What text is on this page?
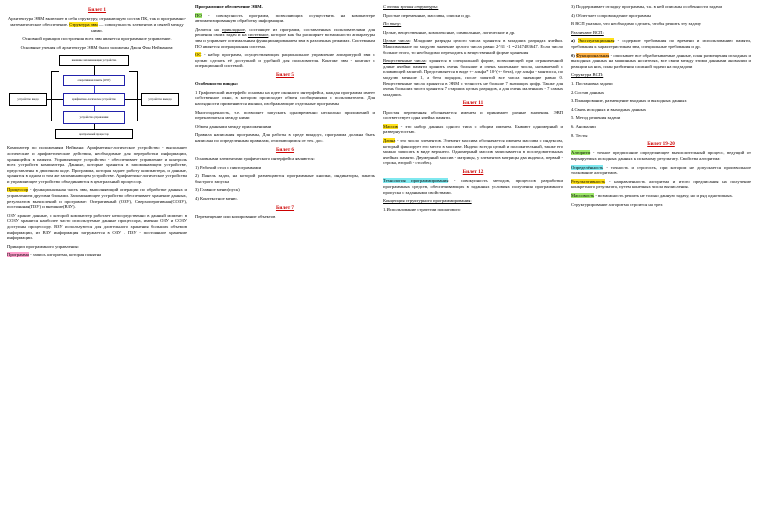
Билет 1

Архитектура ЭВМ включает в себя структуру, отражающую состав ПК, так и программно-математическое обеспечение. Структура эвм — совокупность элементов и связей между ними.

Основной принцип построения всех эвм является программное управление.

Основные учения об архитектуре ЭВМ были заложены Джон Фон Нейманом:

внешние запоминающие устройства
устройство ввода	устройство вывода
оперативная память (ОЗУ)
арифметико-логическое устройство
устройство управления
центральный процессор

Компьютер по положениям Неймана: Арифметико-логическое устройство - выполняет логические и арифметические действия, необходимые для переработки информации, хранящейся в памяти. Управляющее устройство - обеспечивает управление и контроль всех устройств компьютера. Данные, которые хранятся в запоминающем устройстве, представлены в двоичном коде. Программа, которая задает работу компьютера, и данные, хранятся в одном и том же запоминающем устройстве. Арифметико-логическое устройства и управляющее устройство объединяются в центральный процессор.

Процессор - функциональная часть эвм, выполняющий операции по обработке данных и управлением другими блоками. Запоминающее устройство обеспечивает хранение данных, результатов вычислений и программе: Оперативный (ОЗУ), Сверхоперативная(СОЗУ), постоянная(ПЗУ) и внешние(ВЗУ).

ОЗУ хранит данные, с которой компьютер работает непосредственно в данный момент: в СОЗУ хранятся наиболее часто используемые данные процессора, именно ОЗУ и СОЗУ доступны процессору. ВЗУ используются для длительного хранения больших объемов информации, из ВЗУ информация загружается в ОЗУ . ПЗУ - постоянное хранение информации.

Принцип программного управления:

Программа - запись алгоритма, которая понятна

Программное обеспечение ЭВМ.

ПО - совокупность программ, позволяющих осуществить на компьютере автоматизированную обработку информации.

Делится на прикладное, состоящее из программ, составленных пользователями для решения своих задач и на системное, которое как бы расширяет возможности аппаратуры эвм и управляет оптимальным функционированием эвм в различных режимах. Системным ПО является операционная система.

ОС - набор программ, осуществляющих рациональное управление аппаратурой эвм с целью сделать её доступной и удобной для пользователя. Контакт эвм - контакт с операционной системой.

Билет 5

Особенности винды:

1 Графический интерфейс основан на идее оконного интерфейса, каждая программа имеет собственное окно, в котором происходит обмен сообщениями с пользователем. Для наглядности применяются иконки, изображающие отдельные программы

Многозадачность, т.е. позволяет запускать одновременно несколько приложений и переключаться между ними

Обмен данными между приложениями

Правила написания программы, Для работы в среде виндоус, программа должна быть написана по определенным правилам, отличающимся от тех. дос.

Билет 6

Основными элементами графического интерфейса являются:

1) Рабочий стол с пиктограммами

2) Панель задач, на которой размещаются программные кнопки, индикаторы, панель быстрого запуска

3) Главное меню(пуск)

4) Контекстное меню.

Билет 7

Перемещение или копирование объектов

С точки зрения структуры:

Простые переменные, массивы, списки и др.

По типу:

Целые, вещественные, комплексные, символьные, логические и др.

Целые числа: Младшие разряды целого числа хранятся в младших разрядах ячейки. Максимальное по модулю значение целого числа равно 2^31 -1 =2147483647. Если число больше этого, то необходимо переходить к вещественной форме хранения

Вещественные числа: хранятся в специальной форме, позволяющей при ограниченной длине ячейки памяти хранить очень большие и очень маленькие числа, называемой с плавающей запятой. Представляется в виде +- альфа* 10^(+- бета), где альфа - мантисса, по модулю меньше 1, а бета порядок, после запятой все числа значащие равно 0. Вещественные числа хранятся в ЭВМ с точность не больше 7 значащих цифр. Также для очень больших чисел хранятся 7 старших целых разрядов, а для очень маленьких - 7 самых младших.

Билет 11

Простая переменная обозначается именем и принимает разные значения. ЭВП соответствует одна ячейка памяти.

Массив - это набор данных одного типа с общим именем. Бывают одномерный и развернутостью.

Длина - это число элементов. Элемент массива обозначается именем массива с индексом, который фиксирует его место в массиве. Индекс всегда целый и положительный, также его можно записать в виде верхнего. Одномерный массив записывается в последовательных ячейках памяти. Двумерный массив - матрицы, у элементов матрицы два индекса, первый - строка, второй - столбец.

Билет 12

Технология программирования - совокупность методов, процессов разработки программных средств, обеспечивающих в заданных условиях получения программного пропуска с заданными свойствами.

Концепция структурного программирования:

1.Использование стратегии пошагового

3) Поддерживает отладку программы, т.к. в ней описаны особенности задачи

4) Облегчает сопровождение программы

В ВСП указано, что необходимо сделать, чтобы решить эту задачу

Различают ВСП:

а) Эксплуатационная - содержит требования по времени и использованию памяти, требования к характеристикам эвм, специальные требования и др.

б) Функциональная - описывает все обрабатываемые данные, план размещения исходных и выходных данных на машинных носителях, все связи между этими данными аномалии и реакции на них, план разбиения сложной задачи на подзадачи

Структура ВСП:

1. Постановка задачи

2.Состав данных

3.Планирование, размещение входных и выходных данных

4.Связь исходных и выходных данных

5. Метод решения задачи

6. Аномалии

8. Тесты

Билет 19-20

Алгоритм - точное предписание определяющее вычислительный процесс, ведущий от варьируемых исходных данных к искомому результату. Свойства алгоритма:

Определённость - точность и строгость, при котором не допускается произвольное толкование алгоритмов.

Результативность - направленность алгоритма и итого предписания на получение конкретного результата, путем конечных числа вычисления.

Массовость - возможность решить не только данную задачу, но и ряд однотипных.

Структурирование алгоритма строится на трех
